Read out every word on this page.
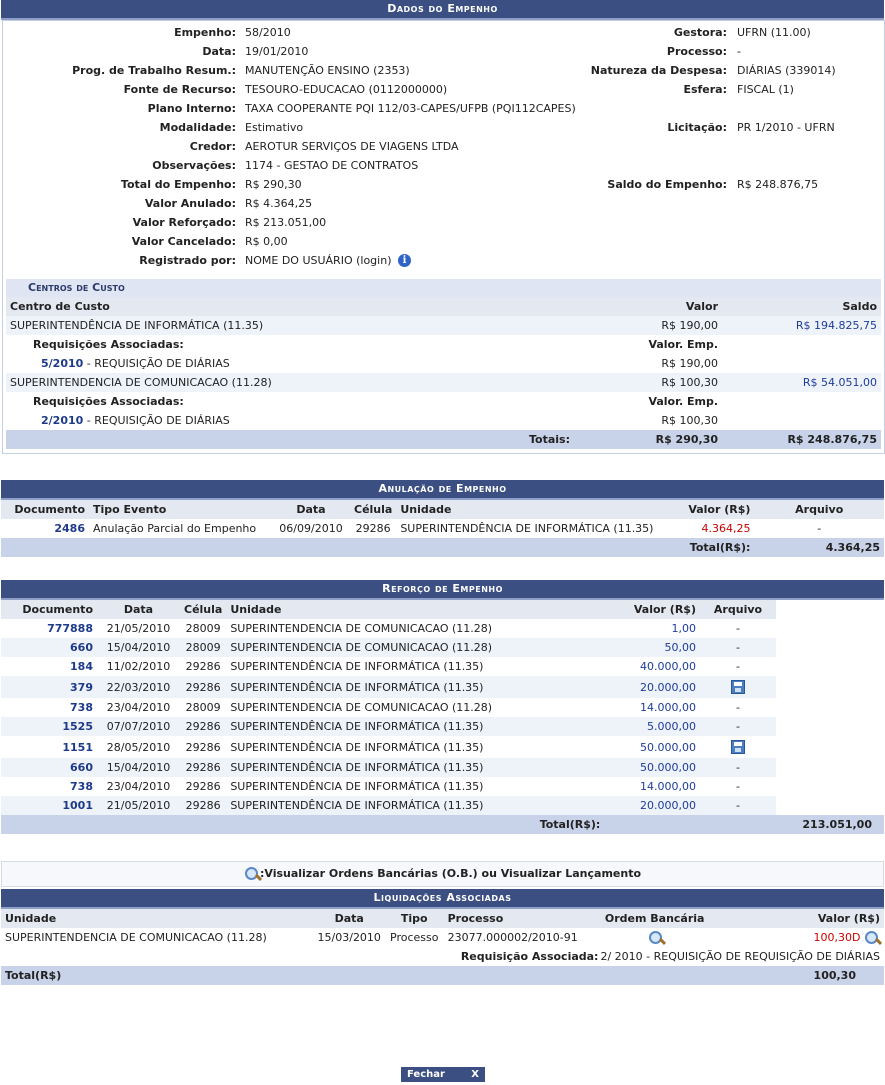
Dados do Empenho
Empenho: 58/2010	Gestora: UFRN (11.00)
Data: 19/01/2010	Processo: -
Prog. de Trabalho Resum.: MANUTENÇÃO ENSINO (2353)	Natureza da Despesa: DIÁRIAS (339014)
Fonte de Recurso: TESOURO-EDUCACAO (0112000000)	Esfera: FISCAL (1)
Plano Interno: TAXA COOPERANTE PQI 112/03-CAPES/UFPB (PQI112CAPES)
Modalidade: Estimativo	Licitação: PR 1/2010 - UFRN
Credor: AEROTUR SERVIÇOS DE VIAGENS LTDA
Observações: 1174 - GESTAO DE CONTRATOS
Total do Empenho: R$ 290,30	Saldo do Empenho: R$ 248.876,75
Valor Anulado: R$ 4.364,25
Valor Reforçado: R$ 213.051,00
Valor Cancelado: R$ 0,00
Registrado por: NOME DO USUÁRIO (login) i
Centros de Custo
Centro de Custo	Valor	Saldo
SUPERINTENDÊNCIA DE INFORMÁTICA (11.35)	R$ 190,00	R$ 194.825,75
Requisições Associadas:	Valor. Emp.	
5/2010 - REQUISIÇÃO DE DIÁRIAS	R$ 190,00	
SUPERINTENDENCIA DE COMUNICACAO (11.28)	R$ 100,30	R$ 54.051,00
Requisições Associadas:	Valor. Emp.	
2/2010 - REQUISIÇÃO DE DIÁRIAS	R$ 100,30	
Totais:	R$ 290,30	R$ 248.876,75
Anulação de Empenho
Documento	Tipo Evento	Data	Célula	Unidade	Valor (R$)	Arquivo
2486	Anulação Parcial do Empenho	06/09/2010	29286	SUPERINTENDÊNCIA DE INFORMÁTICA (11.35)	4.364,25	-
Total(R$):						4.364,25
Reforço de Empenho
Documento	Data	Célula	Unidade	Valor (R$)	Arquivo	
777888	21/05/2010	28009	SUPERINTENDENCIA DE COMUNICACAO (11.28)	1,00	-	
660	15/04/2010	28009	SUPERINTENDENCIA DE COMUNICACAO (11.28)	50,00	-	
184	11/02/2010	29286	SUPERINTENDÊNCIA DE INFORMÁTICA (11.35)	40.000,00	-	
379	22/03/2010	29286	SUPERINTENDÊNCIA DE INFORMÁTICA (11.35)	20.000,00		
738	23/04/2010	28009	SUPERINTENDENCIA DE COMUNICACAO (11.28)	14.000,00	-	
1525	07/07/2010	29286	SUPERINTENDÊNCIA DE INFORMÁTICA (11.35)	5.000,00	-	
1151	28/05/2010	29286	SUPERINTENDÊNCIA DE INFORMÁTICA (11.35)	50.000,00		
660	15/04/2010	29286	SUPERINTENDÊNCIA DE INFORMÁTICA (11.35)	50.000,00	-	
738	23/04/2010	29286	SUPERINTENDÊNCIA DE INFORMÁTICA (11.35)	14.000,00	-	
1001	21/05/2010	29286	SUPERINTENDÊNCIA DE INFORMÁTICA (11.35)	20.000,00	-	
Total(R$):				213.051,00		
:Visualizar Ordens Bancárias (O.B.) ou Visualizar Lançamento
Liquidações Associadas
Unidade	Data	Tipo	Processo	Ordem Bancária	Valor (R$)
SUPERINTENDENCIA DE COMUNICACAO (11.28)	15/03/2010	Processo	23077.000002/2010-91		100,30D
Requisição Associada:				2/ 2010 - REQUISIÇÃO DE REQUISIÇÃO DE DIÁRIAS	
Total(R$)					100,30
Fechar	X
